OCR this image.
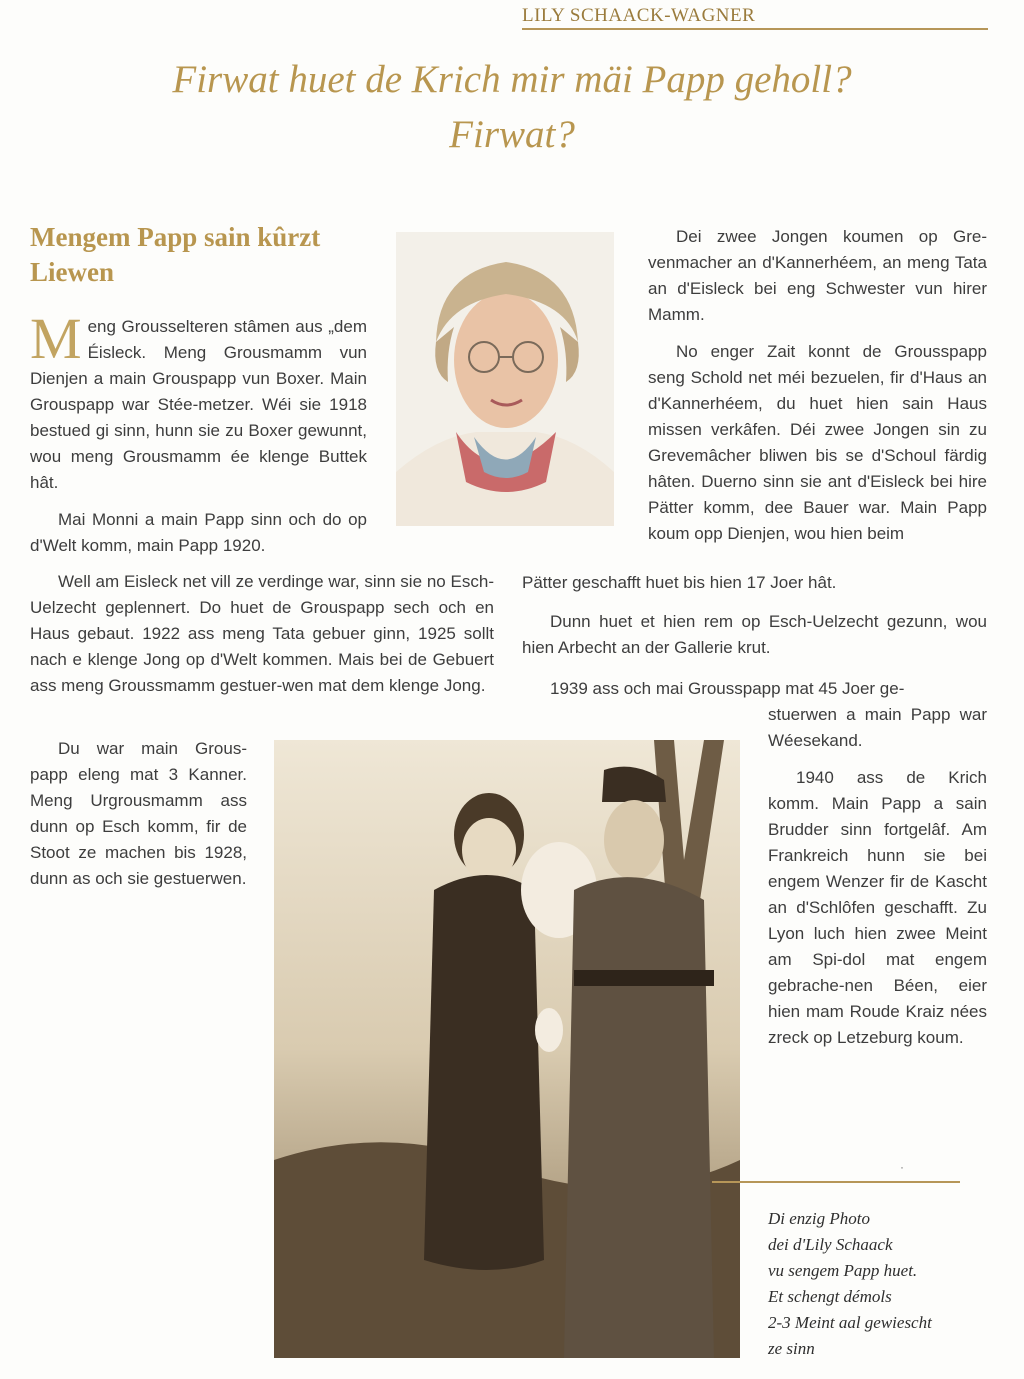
LILY SCHAACK-WAGNER
Firwat huet de Krich mir mäi Papp geholl?
Firwat?
Mengem Papp sain kûrzt
Liewen

Meng Grousselteren stâmen aus „dem Éisleck. Meng Grousmamm vun Dienjen a main Grouspapp vun Boxer. Main Grouspapp war Stée-metzer. Wéi sie 1918 bestued gi sinn, hunn sie zu Boxer gewunnt, wou meng Grousmamm ée klenge Buttek hât.

Mai Monni a main Papp sinn och do op d'Welt komm, main Papp 1920.

Dei zwee Jongen koumen op Gre-venmacher an d'Kannerhéem, an meng Tata an d'Eisleck bei eng Schwester vun hirer Mamm.

No enger Zait konnt de Grousspapp seng Schold net méi bezuelen, fir d'Haus an d'Kannerhéem, du huet hien sain Haus missen verkâfen. Déi zwee Jongen sin zu Grevemâcher bliwen bis se d'Schoul färdig hâten. Duerno sinn sie ant d'Eisleck bei hire Pätter komm, dee Bauer war. Main Papp koum opp Dienjen, wou hien beim

Pätter geschafft huet bis hien 17 Joer hât.

Dunn huet et hien rem op Esch-Uelzecht gezunn, wou hien Arbecht an der Gallerie krut.

1939 ass och mai Grousspapp mat 45 Joer ge-

stuerwen a main Papp war Wéesekand.

1940 ass de Krich komm. Main Papp a sain Brudder sinn fortgelâf. Am Frankreich hunn sie bei engem Wenzer fir de Kascht an d'Schlôfen geschafft. Zu Lyon luch hien zwee Meint am Spi-dol mat engem gebrache-nen Béen, eier hien mam Roude Kraiz nées zreck op Letzeburg koum.

Well am Eisleck net vill ze verdinge war, sinn sie no Esch-Uelzecht geplennert. Do huet de Grouspapp sech och en Haus gebaut. 1922 ass meng Tata gebuer ginn, 1925 sollt nach e klenge Jong op d'Welt kommen. Mais bei de Gebuert ass meng Groussmamm gestuer-wen mat dem klenge Jong.

Du war main Grous-papp eleng mat 3 Kanner. Meng Urgrousmamm ass dunn op Esch komm, fir de Stoot ze machen bis 1928, dunn as och sie gestuerwen.

·
Di enzig Photo
dei d'Lily Schaack
vu sengem Papp huet.
Et schengt démols
2-3 Meint aal gewiescht
ze sinn
